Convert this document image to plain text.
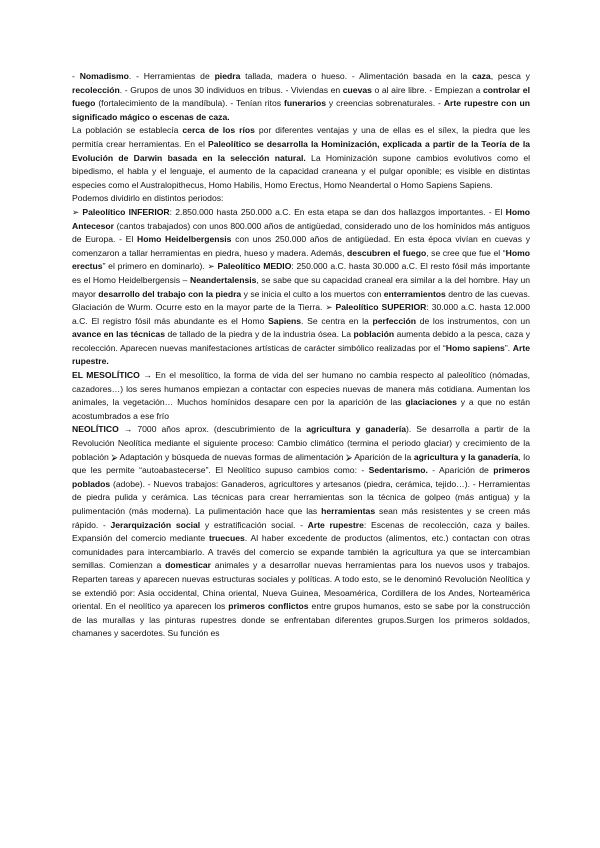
- Nomadismo. - Herramientas de piedra tallada, madera o hueso. - Alimentación basada en la caza, pesca y recolección. - Grupos de unos 30 individuos en tribus. - Viviendas en cuevas o al aire libre. - Empiezan a controlar el fuego (fortalecimiento de la mandíbula). - Tenían ritos funerarios y creencias sobrenaturales. - Arte rupestre con un significado mágico o escenas de caza.

La población se establecía cerca de los ríos por diferentes ventajas y una de ellas es el sílex, la piedra que les permitía crear herramientas. En el Paleolítico se desarrolla la Hominización, explicada a partir de la Teoría de la Evolución de Darwin basada en la selección natural. La Hominización supone cambios evolutivos como el bipedismo, el habla y el lenguaje, el aumento de la capacidad craneana y el pulgar oponible; es visible en distintas especies como el Australopithecus, Homo Habilis, Homo Erectus, Homo Neandertal o Homo Sapiens Sapiens.

Podemos dividirlo en distintos periodos:

➢ Paleolítico INFERIOR: 2.850.000 hasta 250.000 a.C. En esta etapa se dan dos hallazgos importantes. - El Homo Antecesor (cantos trabajados) con unos 800.000 años de antigüedad, considerado uno de los homínidos más antiguos de Europa. - El Homo Heidelbergensis con unos 250.000 años de antigüedad. En esta época vivían en cuevas y comenzaron a tallar herramientas en piedra, hueso y madera. Además, descubren el fuego, se cree que fue el “Homo erectus” el primero en dominarlo). ➢ Paleolítico MEDIO: 250.000 a.C. hasta 30.000 a.C. El resto fósil más importante es el Homo Heidelbergensis – Neandertalensis, se sabe que su capacidad craneal era similar a la del hombre. Hay un mayor desarrollo del trabajo con la piedra y se inicia el culto a los muertos con enterramientos dentro de las cuevas. Glaciación de Wurm. Ocurre esto en la mayor parte de la Tierra. ➢ Paleolítico SUPERIOR: 30.000 a.C. hasta 12.000 a.C. El registro fósil más abundante es el Homo Sapiens. Se centra en la perfección de los instrumentos, con un avance en las técnicas de tallado de la piedra y de la industria ósea. La población aumenta debido a la pesca, caza y recolección. Aparecen nuevas manifestaciones artísticas de carácter simbólico realizadas por el “Homo sapiens”. Arte rupestre.

EL MESOLÍTICO → En el mesolítico, la forma de vida del ser humano no cambia respecto al paleolítico (nómadas, cazadores…) los seres humanos empiezan a contactar con especies nuevas de manera más cotidiana. Aumentan los animales, la vegetación… Muchos homínidos desapare cen por la aparición de las glaciaciones y a que no están acostumbrados a ese frío

NEOLÍTICO → 7000 años aprox. (descubrimiento de la agricultura y ganadería). Se desarrolla a partir de la Revolución Neolítica mediante el siguiente proceso: Cambio climático (termina el periodo glaciar) y crecimiento de la población ⮚ Adaptación y búsqueda de nuevas formas de alimentación ⮚ Aparición de la agricultura y la ganadería, lo que les permite “autoabastecerse”. El Neolítico supuso cambios como: - Sedentarismo. - Aparición de primeros poblados (adobe). - Nuevos trabajos: Ganaderos, agricultores y artesanos (piedra, cerámica, tejido…). - Herramientas de piedra pulida y cerámica. Las técnicas para crear herramientas son la técnica de golpeo (más antigua) y la pulimentación (más moderna). La pulimentación hace que las herramientas sean más resistentes y se creen más rápido. - Jerarquización social y estratificación social. - Arte rupestre: Escenas de recolección, caza y bailes. Expansión del comercio mediante truecues. Al haber excedente de productos (alimentos, etc.) contactan con otras comunidades para intercambiarlo. A través del comercio se expande también la agricultura ya que se intercambian semillas. Comienzan a domesticar animales y a desarrollar nuevas herramientas para los nuevos usos y trabajos. Reparten tareas y aparecen nuevas estructuras sociales y políticas. A todo esto, se le denominó Revolución Neolítica y se extendió por: Asia occidental, China oriental, Nueva Guinea, Mesoamérica, Cordillera de los Andes, Norteamérica oriental. En el neolítico ya aparecen los primeros conflictos entre grupos humanos, esto se sabe por la construcción de las murallas y las pinturas rupestres donde se enfrentaban diferentes grupos.Surgen los primeros soldados, chamanes y sacerdotes. Su función es
